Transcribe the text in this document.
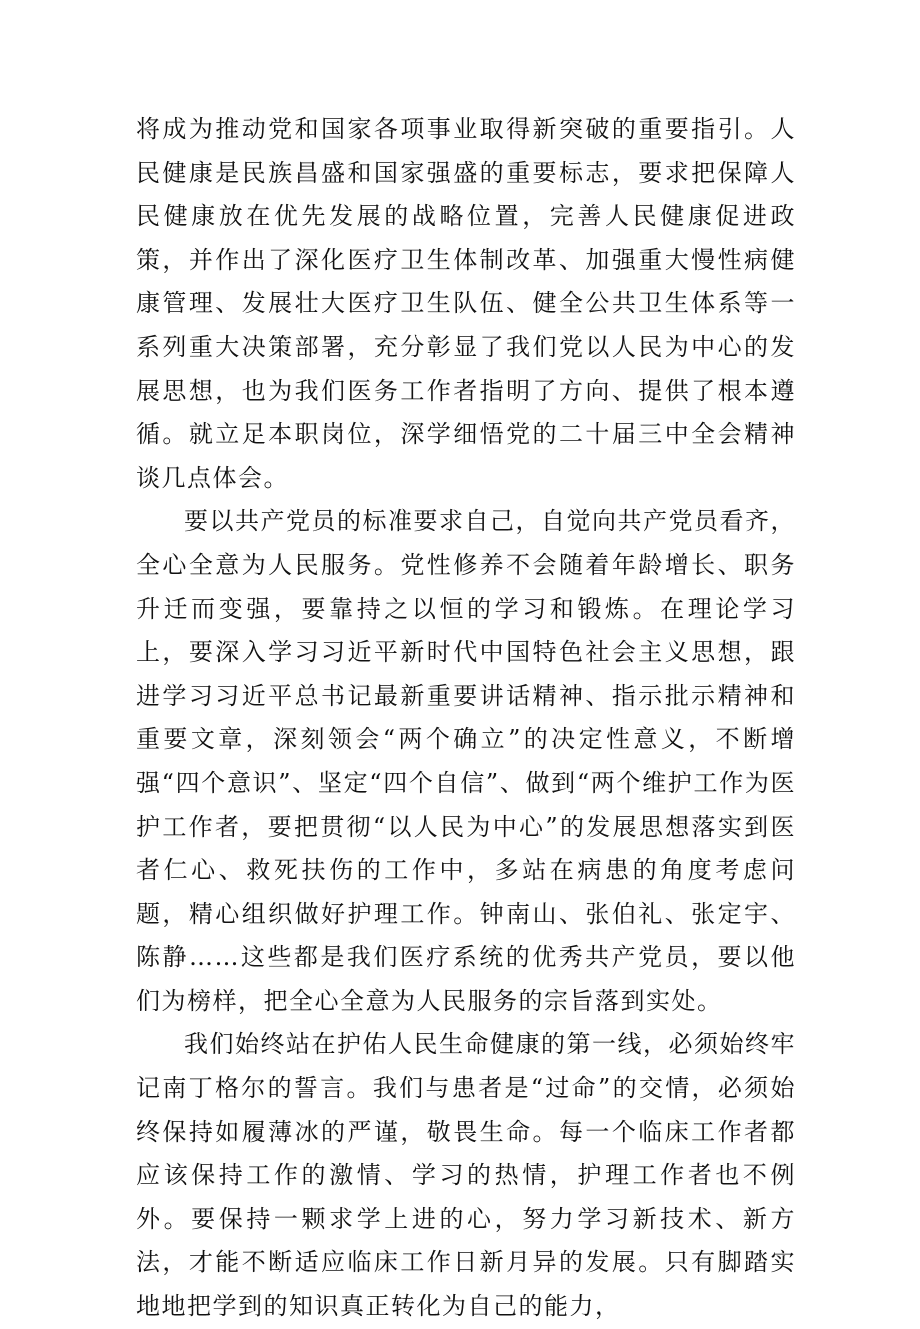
将成为推动党和国家各项事业取得新突破的重要指引。人民健康是民族昌盛和国家强盛的重要标志，要求把保障人民健康放在优先发展的战略位置，完善人民健康促进政策，并作出了深化医疗卫生体制改革、加强重大慢性病健康管理、发展壮大医疗卫生队伍、健全公共卫生体系等一系列重大决策部署，充分彰显了我们党以人民为中心的发展思想，也为我们医务工作者指明了方向、提供了根本遵循。就立足本职岗位，深学细悟党的二十届三中全会精神谈几点体会。

要以共产党员的标准要求自己，自觉向共产党员看齐，全心全意为人民服务。党性修养不会随着年龄增长、职务升迁而变强，要靠持之以恒的学习和锻炼。在理论学习上，要深入学习习近平新时代中国特色社会主义思想，跟进学习习近平总书记最新重要讲话精神、指示批示精神和重要文章，深刻领会“两个确立”的决定性意义，不断增强“四个意识”、坚定“四个自信”、做到“两个维护工作为医护工作者，要把贯彻“以人民为中心”的发展思想落实到医者仁心、救死扶伤的工作中，多站在病患的角度考虑问题，精心组织做好护理工作。钟南山、张伯礼、张定宇、陈静……这些都是我们医疗系统的优秀共产党员，要以他们为榜样，把全心全意为人民服务的宗旨落到实处。

我们始终站在护佑人民生命健康的第一线，必须始终牢记南丁格尔的誓言。我们与患者是“过命”的交情，必须始终保持如履薄冰的严谨，敬畏生命。每一个临床工作者都应该保持工作的激情、学习的热情，护理工作者也不例外。要保持一颗求学上进的心，努力学习新技术、新方法，才能不断适应临床工作日新月异的发展。只有脚踏实地地把学到的知识真正转化为自己的能力，
